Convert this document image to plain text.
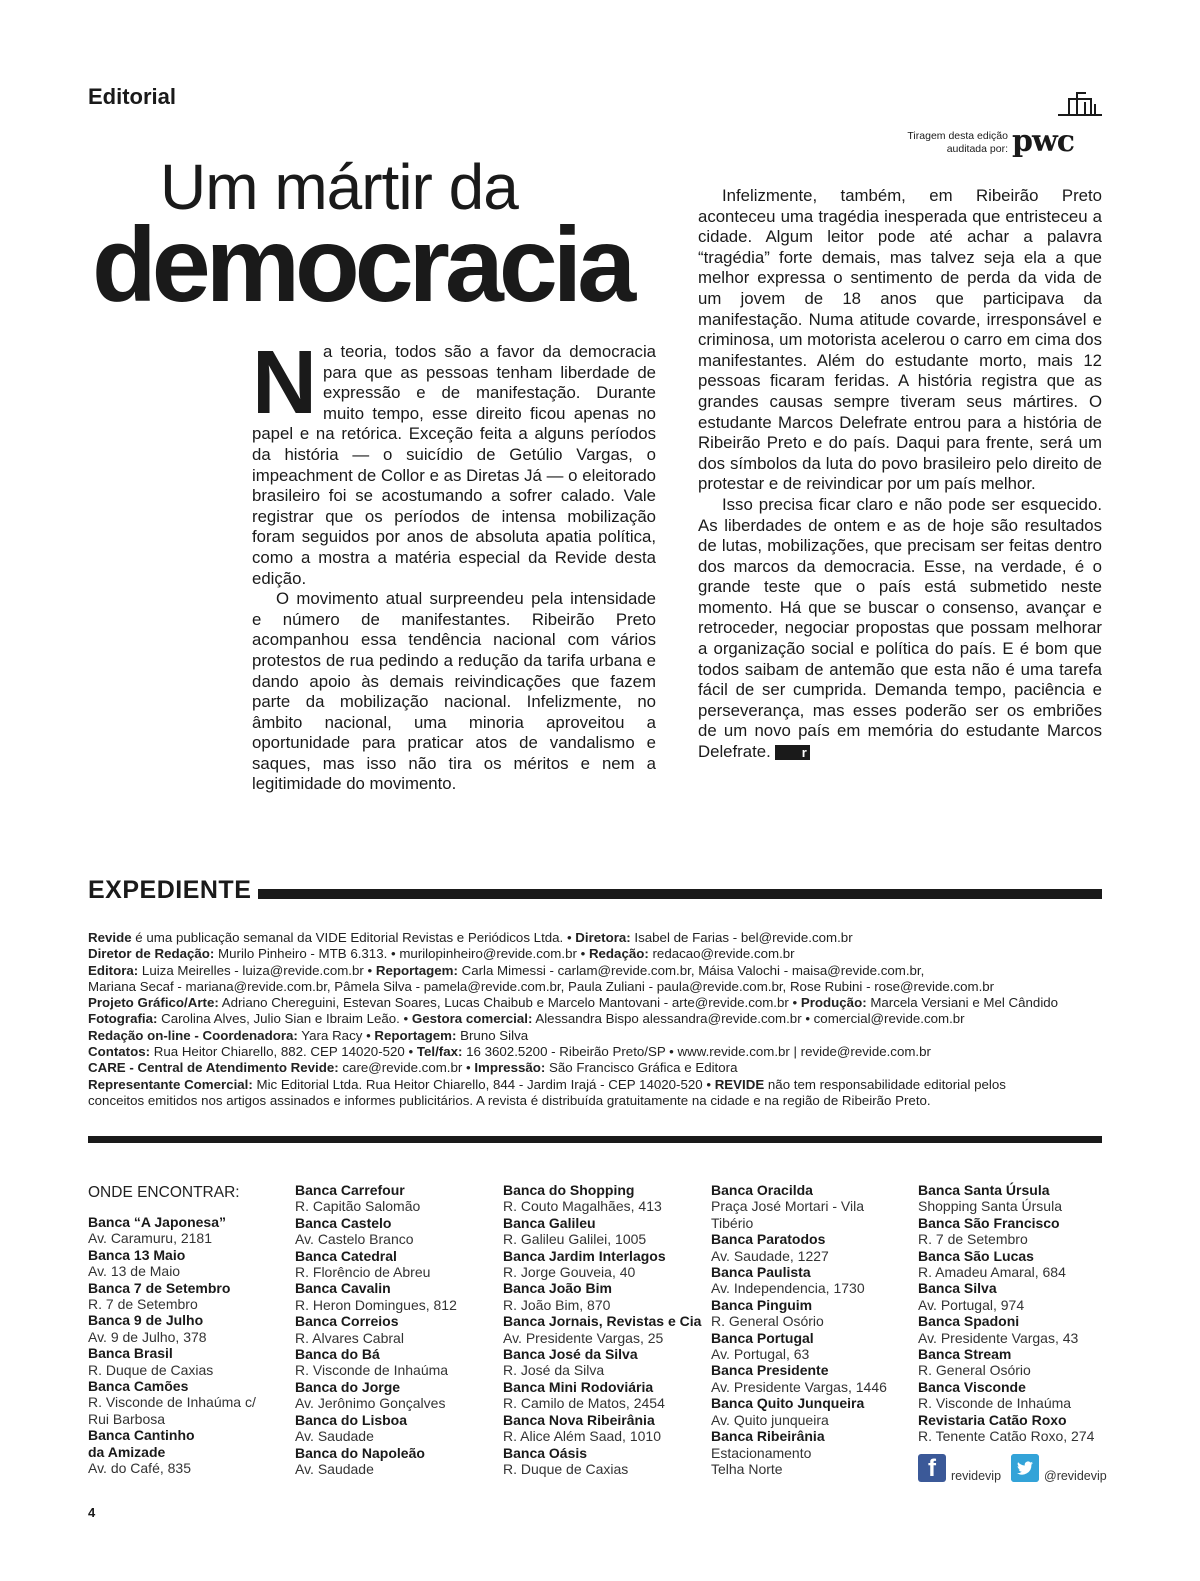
Editorial
Tiragem desta edição auditada por: pwc
Um mártir da
democracia

Na teoria, todos são a favor da democracia para que as pessoas tenham liberdade de expressão e de manifestação. Durante muito tempo, esse direito ficou apenas no papel e na retórica. Exceção feita a alguns períodos da história — o suicídio de Getúlio Vargas, o impeachment de Collor e as Diretas Já — o eleitorado brasileiro foi se acostumando a sofrer calado. Vale registrar que os períodos de intensa mobilização foram seguidos por anos de absoluta apatia política, como a mostra a matéria especial da Revide desta edição.

O movimento atual surpreendeu pela intensidade e número de manifestantes. Ribeirão Preto acompanhou essa tendência nacional com vários protestos de rua pedindo a redução da tarifa urbana e dando apoio às demais reivindicações que fazem parte da mobilização nacional. Infelizmente, no âmbito nacional, uma minoria aproveitou a oportunidade para praticar atos de vandalismo e saques, mas isso não tira os méritos e nem a legitimidade do movimento.

Infelizmente, também, em Ribeirão Preto aconteceu uma tragédia inesperada que entristeceu a cidade. Algum leitor pode até achar a palavra “tragédia” forte demais, mas talvez seja ela a que melhor expressa o sentimento de perda da vida de um jovem de 18 anos que participava da manifestação. Numa atitude covarde, irresponsável e criminosa, um motorista acelerou o carro em cima dos manifestantes. Além do estudante morto, mais 12 pessoas ficaram feridas. A história registra que as grandes causas sempre tiveram seus mártires. O estudante Marcos Delefrate entrou para a história de Ribeirão Preto e do país. Daqui para frente, será um dos símbolos da luta do povo brasileiro pelo direito de protestar e de reivindicar por um país melhor.

Isso precisa ficar claro e não pode ser esquecido. As liberdades de ontem e as de hoje são resultados de lutas, mobilizações, que precisam ser feitas dentro dos marcos da democracia. Esse, na verdade, é o grande teste que o país está submetido neste momento. Há que se buscar o consenso, avançar e retroceder, negociar propostas que possam melhorar a organização social e política do país. E é bom que todos saibam de antemão que esta não é uma tarefa fácil de ser cumprida. Demanda tempo, paciência e perseverança, mas esses poderão ser os embriões de um novo país em memória do estudante Marcos Delefrate. r

EXPEDIENTE
Revide é uma publicação semanal da VIDE Editorial Revistas e Periódicos Ltda. • Diretora: Isabel de Farias - bel@revide.com.br
Diretor de Redação: Murilo Pinheiro - MTB 6.313. • murilopinheiro@revide.com.br • Redação: redacao@revide.com.br
Editora: Luiza Meirelles - luiza@revide.com.br • Reportagem: Carla Mimessi - carlam@revide.com.br, Máisa Valochi - maisa@revide.com.br,
Mariana Secaf - mariana@revide.com.br, Pâmela Silva - pamela@revide.com.br, Paula Zuliani - paula@revide.com.br, Rose Rubini - rose@revide.com.br
Projeto Gráfico/Arte: Adriano Chereguini, Estevan Soares, Lucas Chaibub e Marcelo Mantovani - arte@revide.com.br • Produção: Marcela Versiani e Mel Cândido
Fotografia: Carolina Alves, Julio Sian e Ibraim Leão. • Gestora comercial: Alessandra Bispo alessandra@revide.com.br • comercial@revide.com.br
Redação on-line - Coordenadora: Yara Racy • Reportagem: Bruno Silva
Contatos: Rua Heitor Chiarello, 882. CEP 14020-520 • Tel/fax: 16 3602.5200 - Ribeirão Preto/SP • www.revide.com.br | revide@revide.com.br
CARE - Central de Atendimento Revide: care@revide.com.br • Impressão: São Francisco Gráfica e Editora
Representante Comercial: Mic Editorial Ltda. Rua Heitor Chiarello, 844 - Jardim Irajá - CEP 14020-520 • REVIDE não tem responsabilidade editorial pelos
conceitos emitidos nos artigos assinados e informes publicitários. A revista é distribuída gratuitamente na cidade e na região de Ribeirão Preto.
ONDE ENCONTRAR:
Banca “A Japonesa”
Av. Caramuru, 2181
Banca 13 Maio
Av. 13 de Maio
Banca 7 de Setembro
R. 7 de Setembro
Banca 9 de Julho
Av. 9 de Julho, 378
Banca Brasil
R. Duque de Caxias
Banca Camões
R. Visconde de Inhaúma c/
Rui Barbosa
Banca Cantinho
da Amizade
Av. do Café, 835
Banca Carrefour
R. Capitão Salomão
Banca Castelo
Av. Castelo Branco
Banca Catedral
R. Florêncio de Abreu
Banca Cavalin
R. Heron Domingues, 812
Banca Correios
R. Alvares Cabral
Banca do Bá
R. Visconde de Inhaúma
Banca do Jorge
Av. Jerônimo Gonçalves
Banca do Lisboa
Av. Saudade
Banca do Napoleão
Av. Saudade
Banca do Shopping
R. Couto Magalhães, 413
Banca Galileu
R. Galileu Galilei, 1005
Banca Jardim Interlagos
R. Jorge Gouveia, 40
Banca João Bim
R. João Bim, 870
Banca Jornais, Revistas e Cia
Av. Presidente Vargas, 25
Banca José da Silva
R. José da Silva
Banca Mini Rodoviária
R. Camilo de Matos, 2454
Banca Nova Ribeirânia
R. Alice Além Saad, 1010
Banca Oásis
R. Duque de Caxias
Banca Oracilda
Praça José Mortari - Vila
Tibério
Banca Paratodos
Av. Saudade, 1227
Banca Paulista
Av. Independencia, 1730
Banca Pinguim
R. General Osório
Banca Portugal
Av. Portugal, 63
Banca Presidente
Av. Presidente Vargas, 1446
Banca Quito Junqueira
Av. Quito junqueira
Banca Ribeirânia
Estacionamento
Telha Norte
Banca Santa Úrsula
Shopping Santa Úrsula
Banca São Francisco
R. 7 de Setembro
Banca São Lucas
R. Amadeu Amaral, 684
Banca Silva
Av. Portugal, 974
Banca Spadoni
Av. Presidente Vargas, 43
Banca Stream
R. General Osório
Banca Visconde
R. Visconde de Inhaúma
Revistaria Catão Roxo
R. Tenente Catão Roxo, 274
f	revidevip	@revidevip
4
